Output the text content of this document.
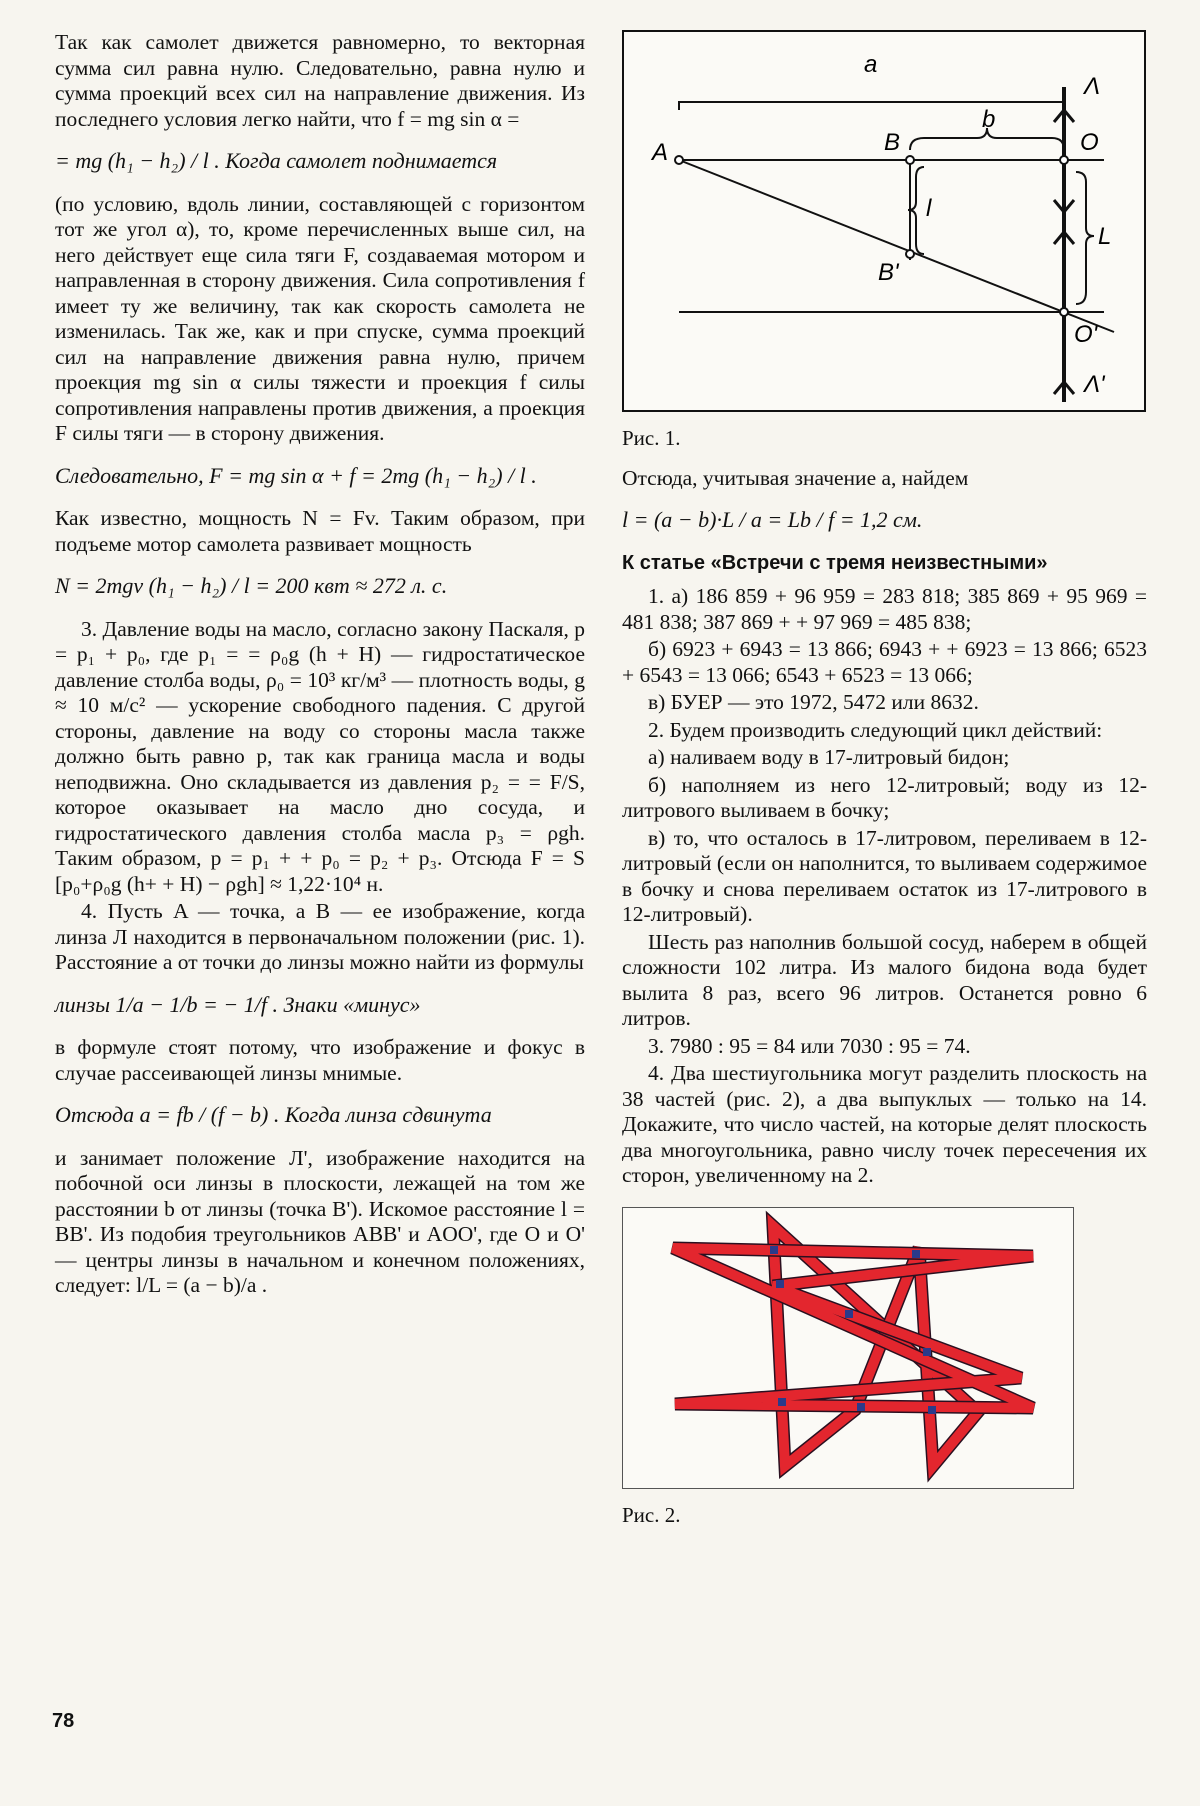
Так как самолет движется равномерно, то векторная сумма сил равна нулю. Следовательно, равна нулю и сумма проекций всех сил на направление движения. Из последнего условия легко найти, что f = mg sin α =

= mg (h₁ − h₂) / l . Когда самолет поднимается

(по условию, вдоль линии, составляющей с горизонтом тот же угол α), то, кроме перечисленных выше сил, на него действует еще сила тяги F, создаваемая мотором и направленная в сторону движения. Сила сопротивления f имеет ту же величину, так как скорость самолета не изменилась. Так же, как и при спуске, сумма проекций сил на направление движения равна нулю, причем проекция mg sin α силы тяжести и проекция f силы сопротивления направлены против движения, а проекция F силы тяги — в сторону движения.

Следовательно, F = mg sin α + f = 2mg (h₁ − h₂) / l .

Как известно, мощность N = Fv. Таким образом, при подъеме мотор самолета развивает мощность

N = 2mgv (h₁ − h₂) / l = 200 квт ≈ 272 л. с.

3. Давление воды на масло, согласно закону Паскаля, p = p₁ + p₀, где p₁ = = ρ₀g (h + H) — гидростатическое давление столба воды, ρ₀ = 10³ кг/м³ — плотность воды, g ≈ 10 м/с² — ускорение свободного падения. С другой стороны, давление на воду со стороны масла также должно быть равно p, так как граница масла и воды неподвижна. Оно складывается из давления p₂ = = F/S, которое оказывает на масло дно сосуда, и гидростатического давления столба масла p₃ = ρgh. Таким образом, p = p₁ + + p₀ = p₂ + p₃. Отсюда F = S [p₀+ρ₀g (h+ + H) − ρgh] ≈ 1,22·10⁴ н.

4. Пусть A — точка, а B — ее изображение, когда линза Л находится в первоначальном положении (рис. 1). Расстояние a от точки до линзы можно найти из формулы

линзы 1/a − 1/b = − 1/f . Знаки «минус»

в формуле стоят потому, что изображение и фокус в случае рассеивающей линзы мнимые.

Отсюда a = fb / (f − b) . Когда линза сдвинута

и занимает положение Л', изображение находится на побочной оси линзы в плоскости, лежащей на том же расстоянии b от линзы (точка B'). Искомое расстояние l = BB'. Из подобия треугольников ABB' и AOO', где O и O' — центры линзы в начальном и конечном положениях, следует: l/L = (a − b)/a .

a
b
A	B	O
l
L
B'
O'
Λ
Λ'
Рис. 1.

Отсюда, учитывая значение a, найдем

l = (a − b)·L / a = Lb / f = 1,2 см.
К статье «Встречи с тремя неизвестными»

1. а) 186 859 + 96 959 = 283 818; 385 869 + 95 969 = 481 838; 387 869 + + 97 969 = 485 838;

б) 6923 + 6943 = 13 866; 6943 + + 6923 = 13 866; 6523 + 6543 = 13 066; 6543 + 6523 = 13 066;

в) БУЕР — это 1972, 5472 или 8632.

2. Будем производить следующий цикл действий:

а) наливаем воду в 17-литровый бидон;

б) наполняем из него 12-литровый; воду из 12-литрового выливаем в бочку;

в) то, что осталось в 17-литровом, переливаем в 12-литровый (если он наполнится, то выливаем содержимое в бочку и снова переливаем остаток из 17-литрового в 12-литровый).

Шесть раз наполнив большой сосуд, наберем в общей сложности 102 литра. Из малого бидона вода будет вылита 8 раз, всего 96 литров. Останется ровно 6 литров.

3. 7980 : 95 = 84 или 7030 : 95 = 74.

4. Два шестиугольника могут разделить плоскость на 38 частей (рис. 2), а два выпуклых — только на 14. Докажите, что число частей, на которые делят плоскость два многоугольника, равно числу точек пересечения их сторон, увеличенному на 2.

Рис. 2.
78
